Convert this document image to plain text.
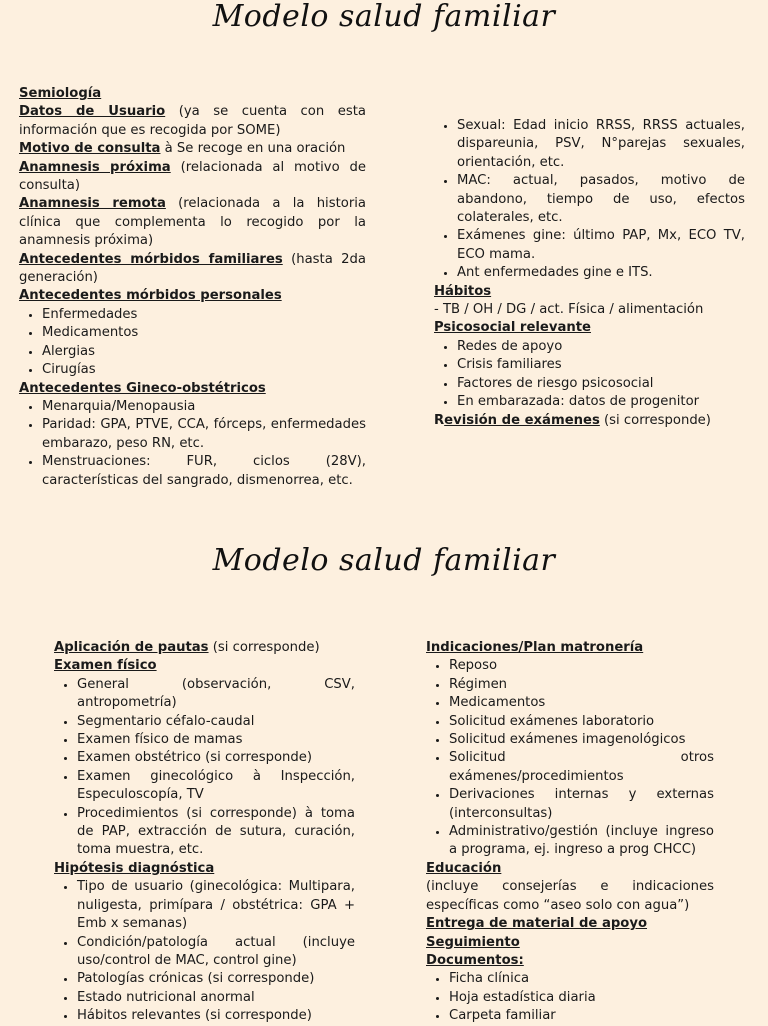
Modelo salud familiar
Semiología

Datos de Usuario (ya se cuenta con esta información que es recogida por SOME)

Motivo de consulta à Se recoge en una oración

Anamnesis próxima (relacionada al motivo de consulta)

Anamnesis remota (relacionada a la historia clínica que complementa lo recogido por la anamnesis próxima)

Antecedentes mórbidos familiares (hasta 2da generación)

Antecedentes mórbidos personales
• Enfermedades
• Medicamentos
• Alergias
• Cirugías
Antecedentes Gineco-obstétricos
• Menarquia/Menopausia
• Paridad: GPA, PTVE, CCA, fórceps, enfermedades embarazo, peso RN, etc.
• Menstruaciones: FUR, ciclos (28V), características del sangrado, dismenorrea, etc.
• Sexual: Edad inicio RRSS, RRSS actuales, dispareunia, PSV, N°parejas sexuales, orientación, etc.
• MAC: actual, pasados, motivo de abandono, tiempo de uso, efectos colaterales, etc.
• Exámenes gine: último PAP, Mx, ECO TV, ECO mama.
• Ant enfermedades gine e ITS.
Hábitos
- TB / OH / DG / act. Física / alimentación
Psicosocial relevante
• Redes de apoyo
• Crisis familiares
• Factores de riesgo psicosocial
• En embarazada: datos de progenitor

Revisión de exámenes (si corresponde)

Modelo salud familiar

Aplicación de pautas (si corresponde)

Examen físico
• General (observación, CSV, antropometría)
• Segmentario céfalo-caudal
• Examen físico de mamas
• Examen obstétrico (si corresponde)
• Examen ginecológico à Inspección, Especuloscopía, TV
• Procedimientos (si corresponde) à toma de PAP, extracción de sutura, curación, toma muestra, etc.
Hipótesis diagnóstica
• Tipo de usuario (ginecológica: Multipara, nuligesta, primípara / obstétrica: GPA + Emb x semanas)
• Condición/patología actual (incluye uso/control de MAC, control gine)
• Patologías crónicas (si corresponde)
• Estado nutricional anormal
• Hábitos relevantes (si corresponde)
Indicaciones/Plan matronería
• Reposo
• Régimen
• Medicamentos
• Solicitud exámenes laboratorio
• Solicitud exámenes imagenológicos
• Solicitud otros exámenes/procedimientos
• Derivaciones internas y externas (interconsultas)
• Administrativo/gestión (incluye ingreso a programa, ej. ingreso a prog CHCC)
Educación

(incluye consejerías e indicaciones específicas como “aseo solo con agua”)

Entrega de material de apoyo
Seguimiento
Documentos:
• Ficha clínica
• Hoja estadística diaria
• Carpeta familiar
